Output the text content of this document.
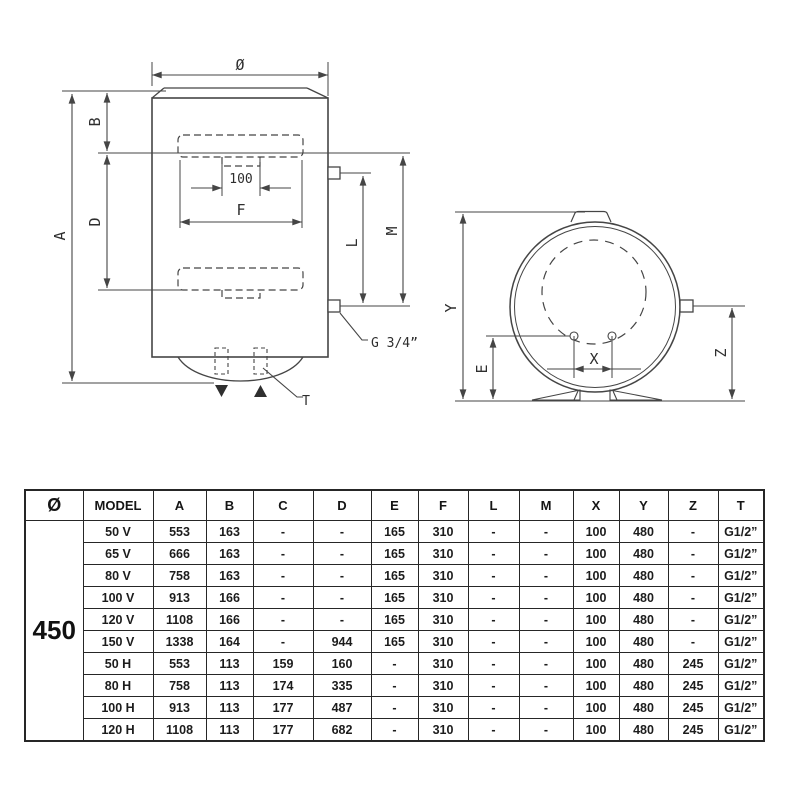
Ø
A
B
D
100
F
L
M
G 3/4”
T
Y
E
X	Z
Ø	MODEL	A	B	C	D	E	F	L	M	X	Y	Z	T
450	50 V	553	163	-	-	165	310	-	-	100	480	-	G1/2”
	65 V	666	163	-	-	165	310	-	-	100	480	-	G1/2”
	80 V	758	163	-	-	165	310	-	-	100	480	-	G1/2”
	100 V	913	166	-	-	165	310	-	-	100	480	-	G1/2”
	120 V	1108	166	-	-	165	310	-	-	100	480	-	G1/2”
	150 V	1338	164	-	944	165	310	-	-	100	480	-	G1/2”
	50 H	553	113	159	160	-	310	-	-	100	480	245	G1/2”
	80 H	758	113	174	335	-	310	-	-	100	480	245	G1/2”
	100 H	913	113	177	487	-	310	-	-	100	480	245	G1/2”
	120 H	1108	113	177	682	-	310	-	-	100	480	245	G1/2”
